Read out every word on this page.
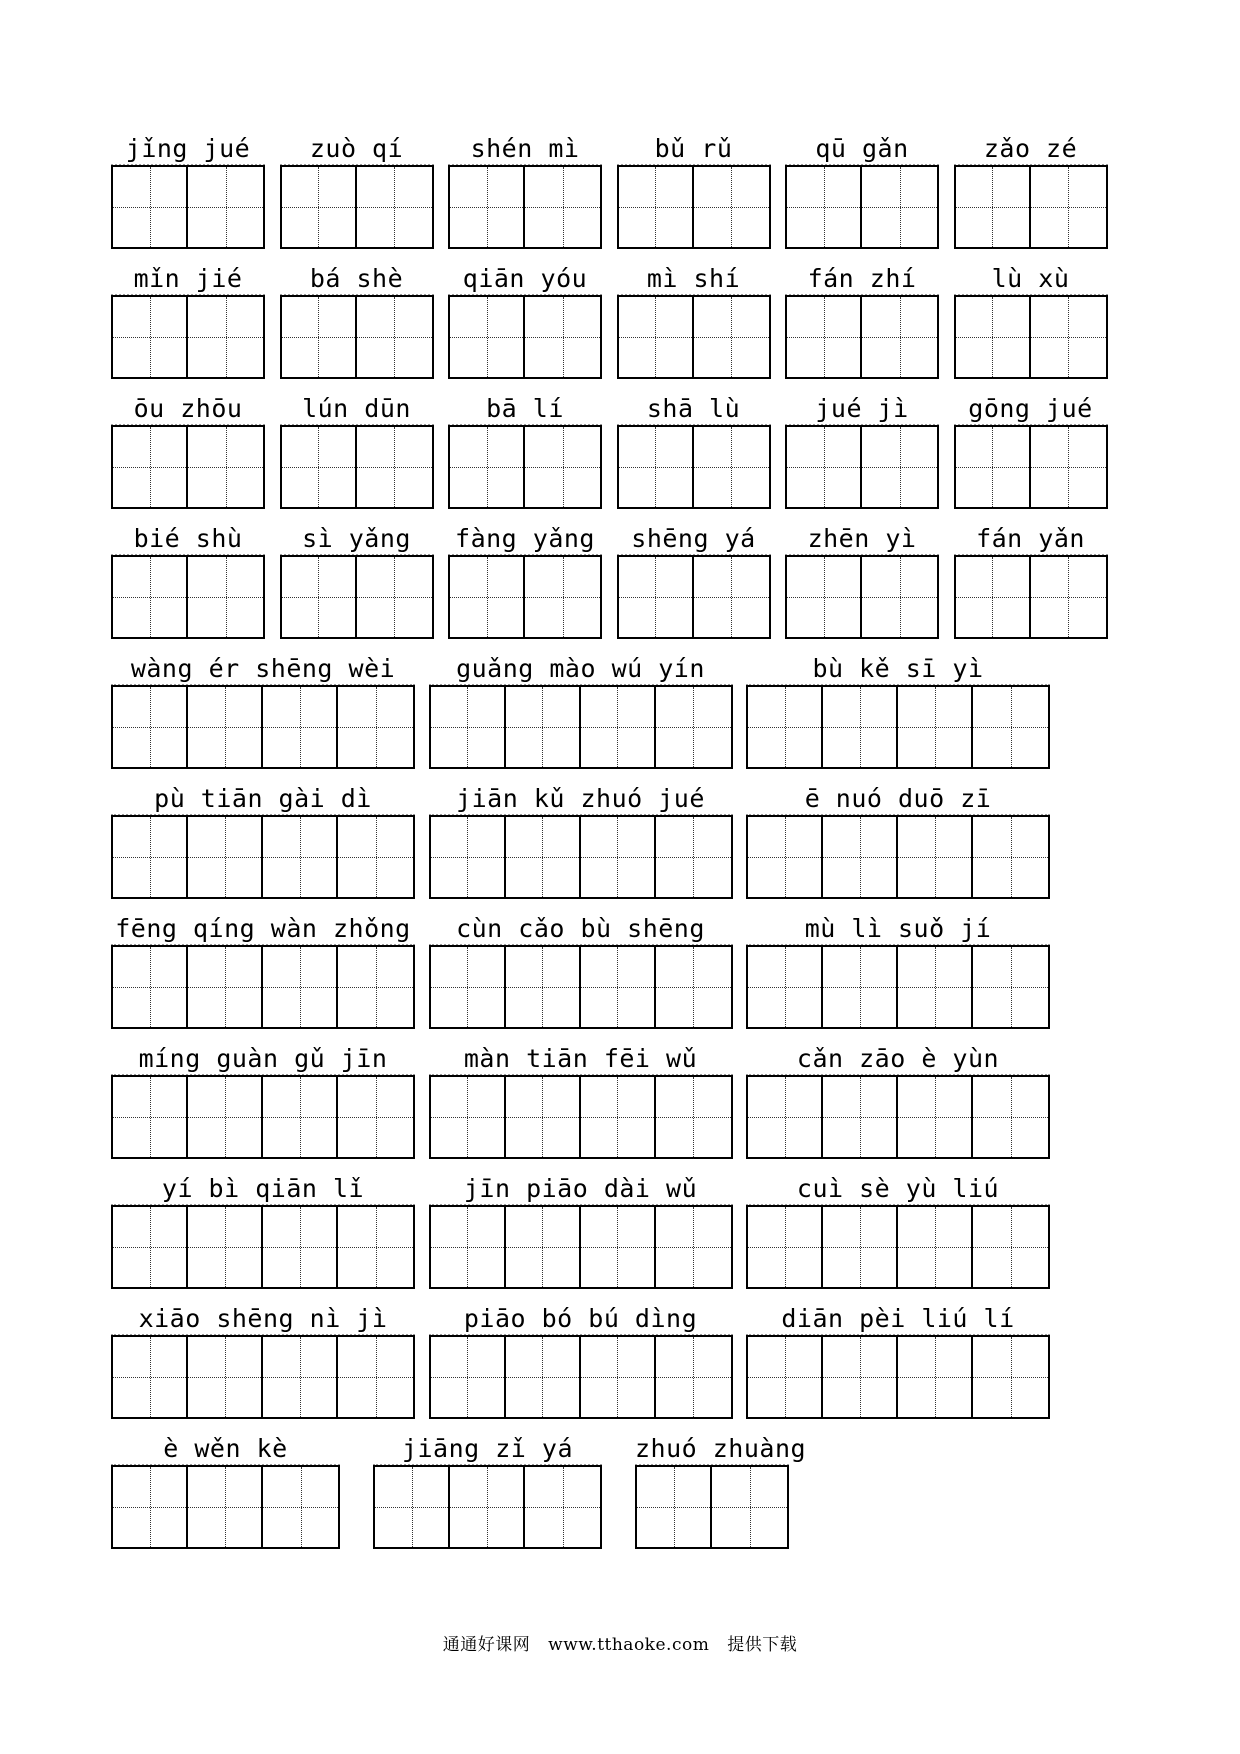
jǐng jué	zuò qí	shén mì	bǔ rǔ	qū gǎn	zǎo zé
mǐn jié	bá shè	qiān yóu	mì shí	fán zhí	lù xù
ōu zhōu	lún dūn	bā lí	shā lù	jué jì	gōng jué
bié shù	sì yǎng	fàng yǎng	shēng yá	zhēn yì	fán yǎn
wàng ér shēng wèi	guǎng mào wú yín	bù kě sī yì
pù tiān gài dì	jiān kǔ zhuó jué	ē nuó duō zī
fēng qíng wàn zhǒng	cùn cǎo bù shēng	mù lì suǒ jí
míng guàn gǔ jīn	màn tiān fēi wǔ	cǎn zāo è yùn
yí bì qiān lǐ	jīn piāo dài wǔ	cuì sè yù liú
xiāo shēng nì jì	piāo bó bú dìng	diān pèi liú lí
è wěn kè	jiāng zǐ yá	zhuó zhuàng
通通好课网 www.tthaoke.com 提供下载
